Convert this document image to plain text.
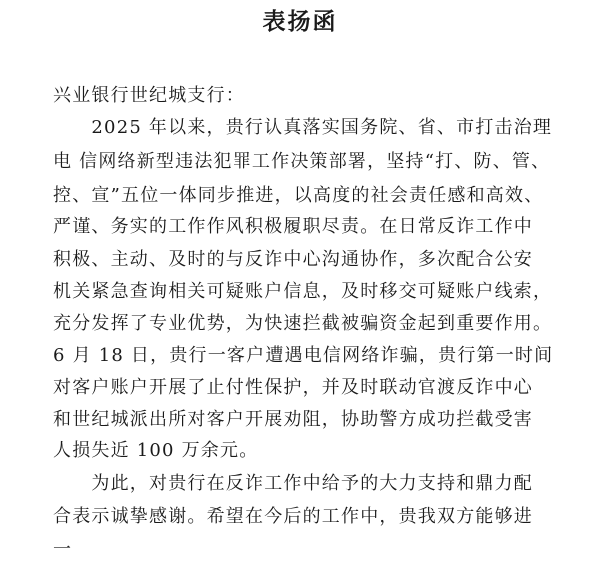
表扬函
兴业银行世纪城支行：
　　2025 年以来，贵行认真落实国务院、省、市打击治理
电 信网络新型违法犯罪工作决策部署，坚持“打、防、管、
控、宣”五位一体同步推进，以高度的社会责任感和高效、
严谨、务实的工作作风积极履职尽责。在日常反诈工作中
积极、主动、及时的与反诈中心沟通协作，多次配合公安
机关紧急查询相关可疑账户信息，及时移交可疑账户线索，
充分发挥了专业优势，为快速拦截被骗资金起到重要作用。
6 月 18 日，贵行一客户遭遇电信网络诈骗，贵行第一时间
对客户账户开展了止付性保护，并及时联动官渡反诈中心
和世纪城派出所对客户开展劝阻，协助警方成功拦截受害
人损失近 100 万余元。
　　为此，对贵行在反诈工作中给予的大力支持和鼎力配
合表示诚挚感谢。希望在今后的工作中，贵我双方能够进
一
